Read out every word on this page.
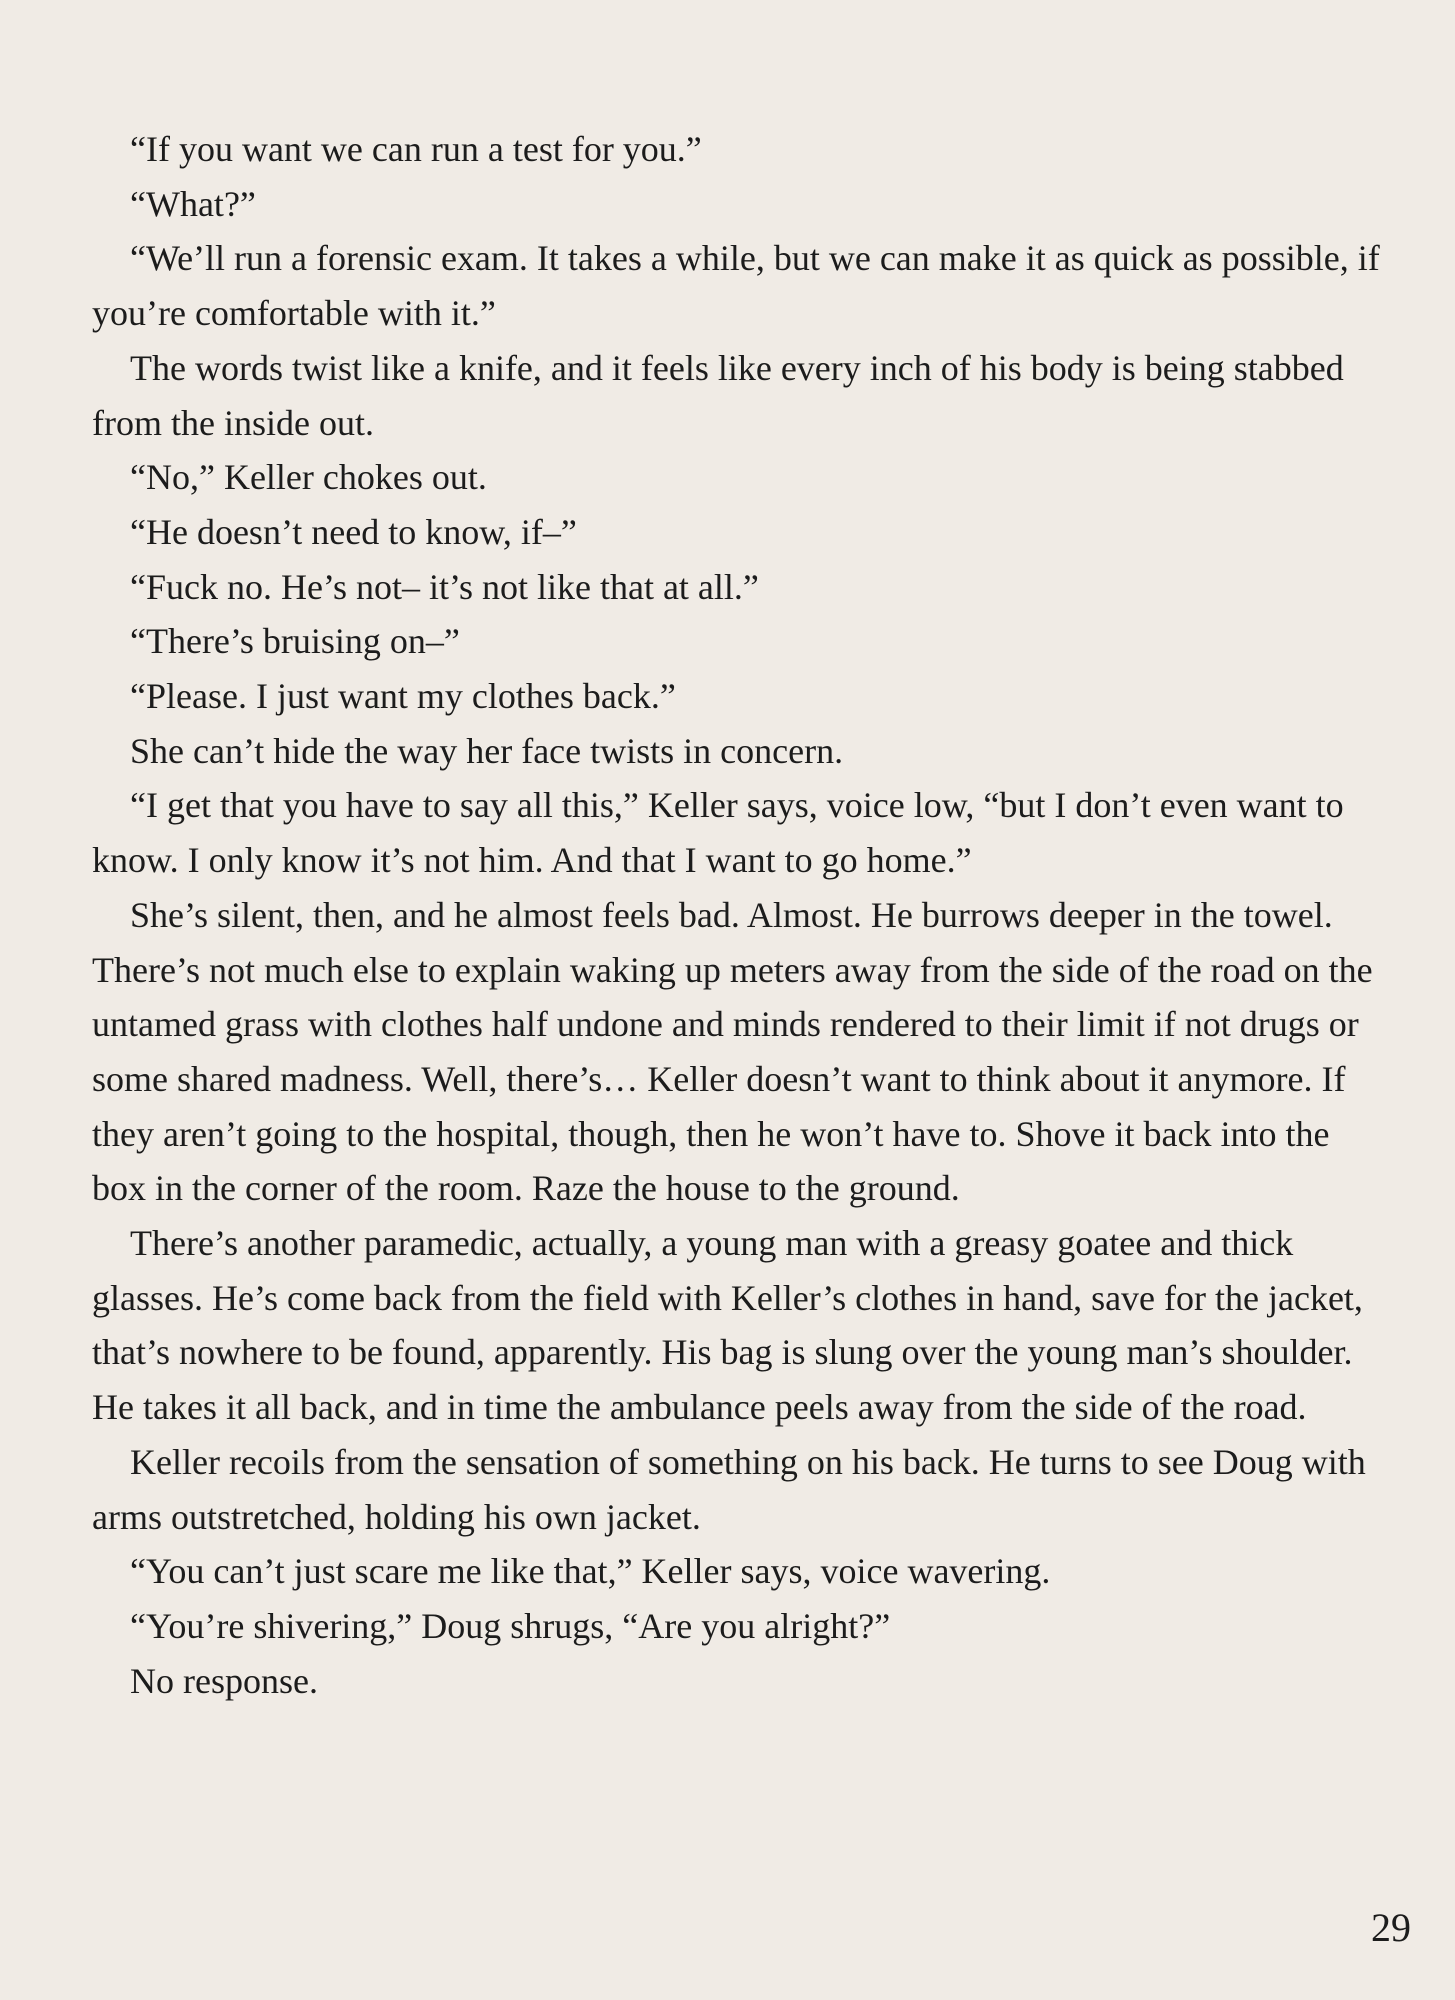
“If you want we can run a test for you.”

“What?”

“We’ll run a forensic exam. It takes a while, but we can make it as quick as possible, if you’re comfortable with it.”

The words twist like a knife, and it feels like every inch of his body is being stabbed from the inside out.

“No,” Keller chokes out.

“He doesn’t need to know, if–”

“Fuck no. He’s not– it’s not like that at all.”

“There’s bruising on–”

“Please. I just want my clothes back.”

She can’t hide the way her face twists in concern.

“I get that you have to say all this,” Keller says, voice low, “but I don’t even want to know. I only know it’s not him. And that I want to go home.”

She’s silent, then, and he almost feels bad. Almost. He burrows deeper in the towel. There’s not much else to explain waking up meters away from the side of the road on the untamed grass with clothes half undone and minds rendered to their limit if not drugs or some shared madness. Well, there’s… Keller doesn’t want to think about it anymore. If they aren’t going to the hospital, though, then he won’t have to. Shove it back into the box in the corner of the room. Raze the house to the ground.

There’s another paramedic, actually, a young man with a greasy goatee and thick glasses. He’s come back from the field with Keller’s clothes in hand, save for the jacket, that’s nowhere to be found, apparently. His bag is slung over the young man’s shoulder. He takes it all back, and in time the ambulance peels away from the side of the road.

Keller recoils from the sensation of something on his back. He turns to see Doug with arms outstretched, holding his own jacket.

“You can’t just scare me like that,” Keller says, voice wavering.

“You’re shivering,” Doug shrugs, “Are you alright?”

No response.

29
